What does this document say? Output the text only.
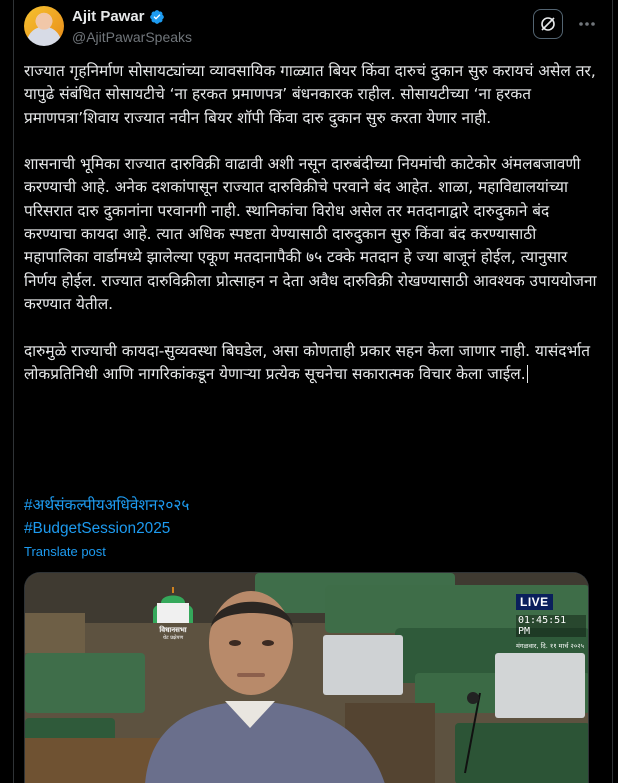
Ajit Pawar
@AjitPawarSpeaks

राज्यात गृहनिर्माण सोसायट्यांच्या व्यावसायिक गाळ्यात बियर किंवा दारुचं दुकान सुरु करायचं असेल तर, यापुढे संबंधित सोसायटीचे ‘ना हरकत प्रमाणपत्र’ बंधनकारक राहील. सोसायटीच्या ‘ना हरकत प्रमाणपत्रा’शिवाय राज्यात नवीन बियर शॉपी किंवा दारु दुकान सुरु करता येणार नाही.

शासनाची भूमिका राज्यात दारुविक्री वाढावी अशी नसून दारुबंदीच्या नियमांची काटेकोर अंमलबजावणी करण्याची आहे. अनेक दशकांपासून राज्यात दारुविक्रीचे परवाने बंद आहेत. शाळा, महाविद्यालयांच्या परिसरात दारु दुकानांना परवानगी नाही. स्थानिकांचा विरोध असेल तर मतदानाद्वारे दारुदुकाने बंद करण्याचा कायदा आहे. त्यात अधिक स्पष्टता येण्यासाठी दारुदुकान सुरु किंवा बंद करण्यासाठी महापालिका वार्डामध्ये झालेल्या एकूण मतदानापैकी ७५ टक्के मतदान हे ज्या बाजूनं होईल, त्यानुसार निर्णय होईल. राज्यात दारुविक्रीला प्रोत्साहन न देता अवैध दारुविक्री रोखण्यासाठी आवश्यक उपाययोजना करण्यात येतील.

दारुमुळे राज्याची कायदा-सुव्यवस्था बिघडेल, असा कोणताही प्रकार सहन केला जाणार नाही. यासंदर्भात लोकप्रतिनिधी आणि नागरिकांकडून येणाऱ्या प्रत्येक सूचनेचा सकारात्मक विचार केला जाईल.

#अर्थसंकल्पीयअधिवेशन२०२५
#BudgetSession2025
Translate post
विधानसभा
थेट प्रक्षेपण
LIVE 01:45:51 PM
मंगळवार, दि. ११ मार्च २०२५
